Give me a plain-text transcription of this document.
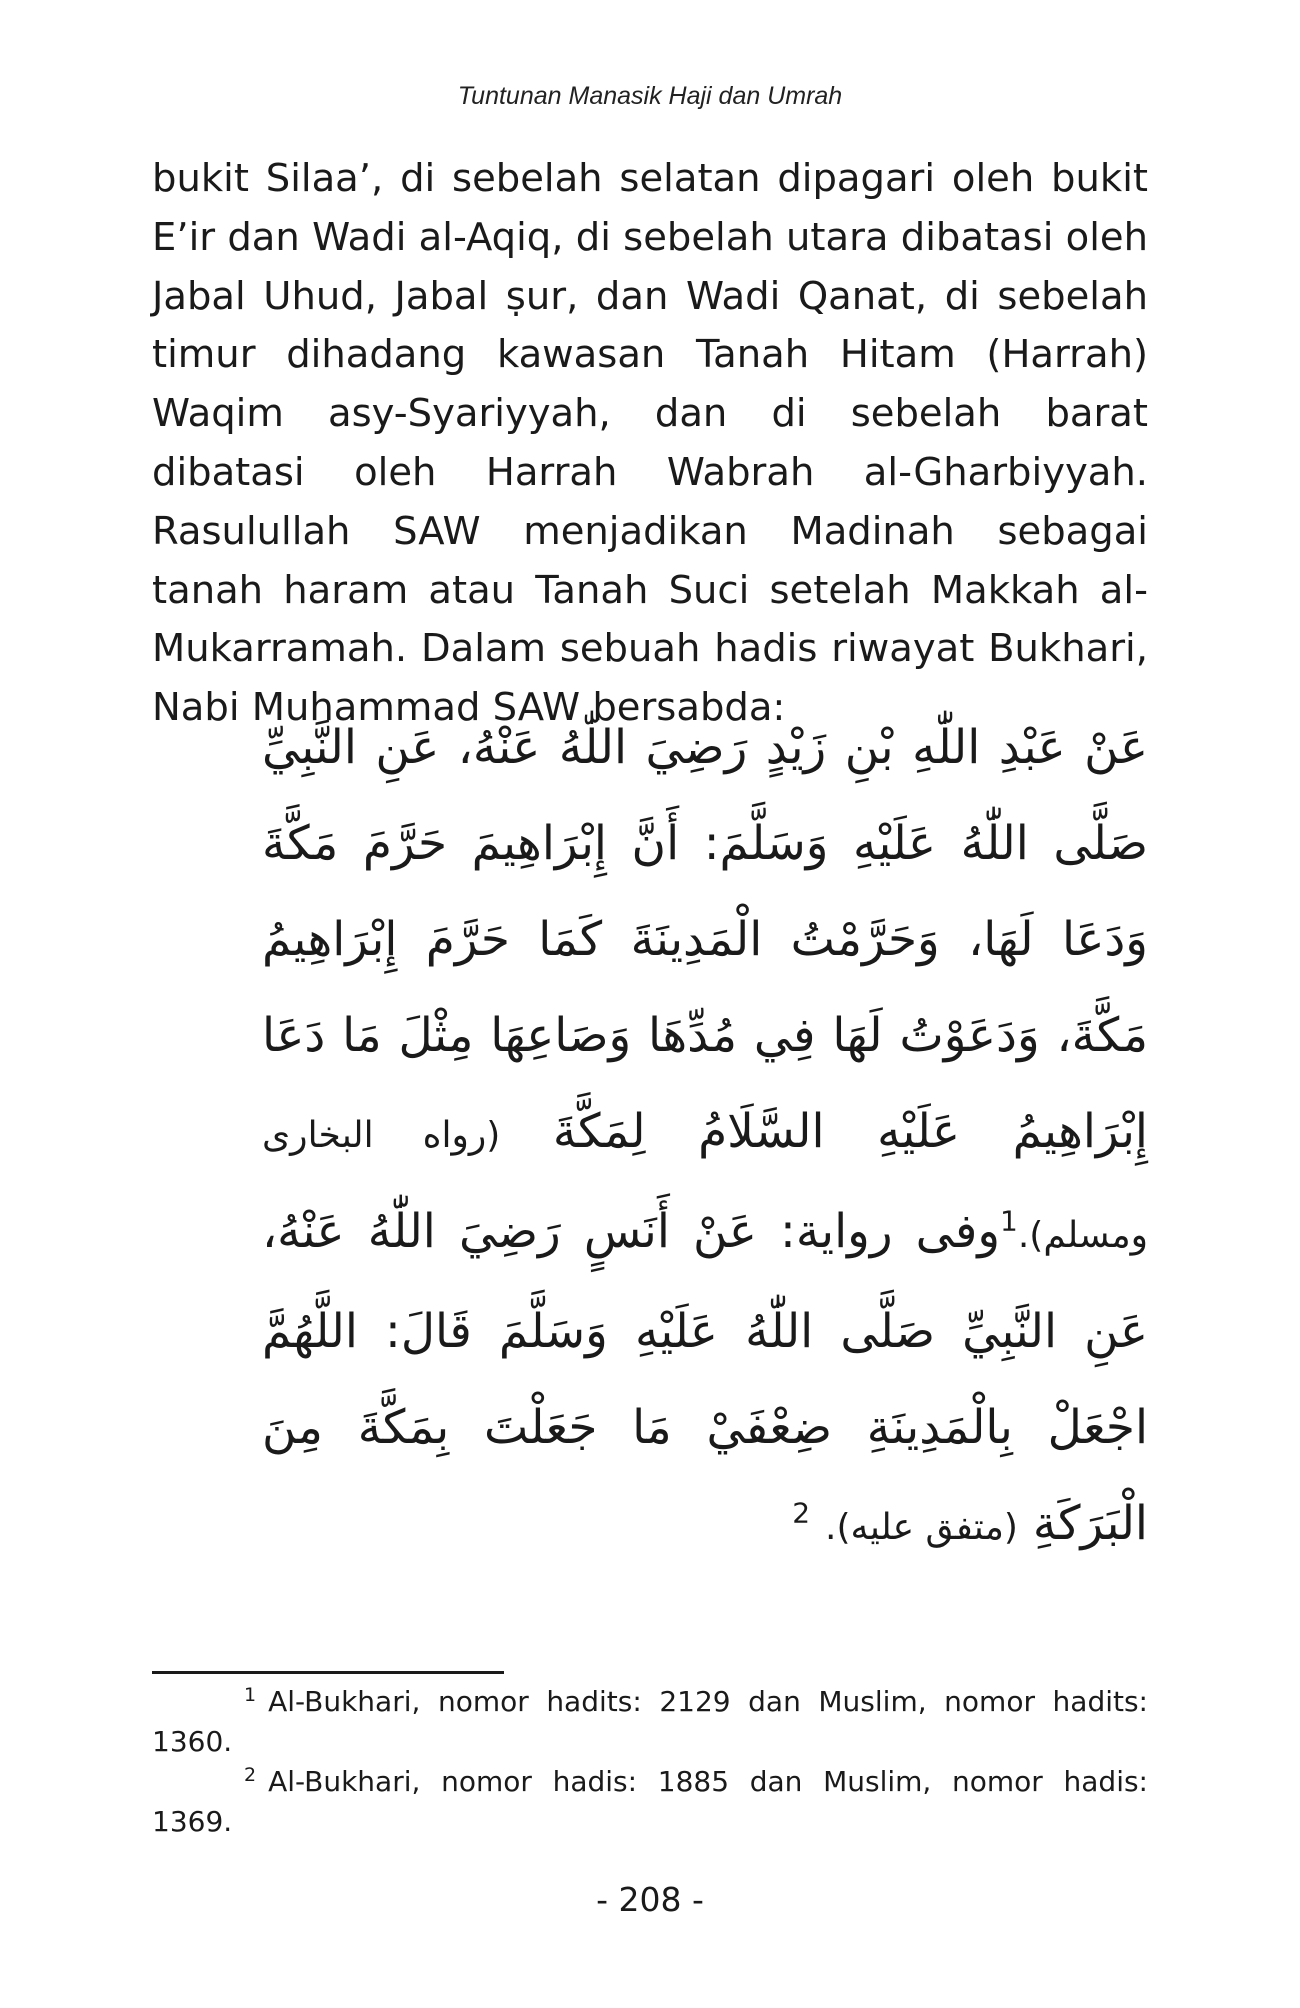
Tuntunan Manasik Haji dan Umrah

bukit Silaa’, di sebelah selatan dipagari oleh bukit E’ir dan Wadi al-Aqiq, di sebelah utara dibatasi oleh Jabal Uhud, Jabal ṣur, dan Wadi Qanat, di sebelah timur dihadang kawasan Tanah Hitam (Harrah) Waqim asy-Syariyyah, dan di sebelah barat dibatasi oleh Harrah Wabrah al-Gharbiyyah. Rasulullah SAW menjadikan Madinah sebagai tanah haram atau Tanah Suci setelah Makkah al-Mukarramah. Dalam sebuah hadis riwayat Bukhari, Nabi Muhammad SAW bersabda:

عَنْ عَبْدِ اللّٰهِ بْنِ زَيْدٍ رَضِيَ اللّٰهُ عَنْهُ، عَنِ النَّبِيِّ صَلَّى اللّٰهُ عَلَيْهِ وَسَلَّمَ: أَنَّ إِبْرَاهِيمَ حَرَّمَ مَكَّةَ وَدَعَا لَهَا، وَحَرَّمْتُ الْمَدِينَةَ كَمَا حَرَّمَ إِبْرَاهِيمُ مَكَّةَ، وَدَعَوْتُ لَهَا فِي مُدِّهَا وَصَاعِهَا مِثْلَ مَا دَعَا إِبْرَاهِيمُ عَلَيْهِ السَّلَامُ لِمَكَّةَ (رواه البخارى ومسلم).$^1$وفى رواية: عَنْ أَنَسٍ رَضِيَ اللّٰهُ عَنْهُ، عَنِ النَّبِيِّ صَلَّى اللّٰهُ عَلَيْهِ وَسَلَّمَ قَالَ: اللَّهُمَّ اجْعَلْ بِالْمَدِينَةِ ضِعْفَيْ مَا جَعَلْتَ بِمَكَّةَ مِنَ الْبَرَكَةِ (متفق عليه). $^2$

$^1$ Al-Bukhari, nomor hadits: 2129 dan Muslim, nomor hadits: 1360.

$^2$ Al-Bukhari, nomor hadis: 1885 dan Muslim, nomor hadis: 1369.

- 208 -
